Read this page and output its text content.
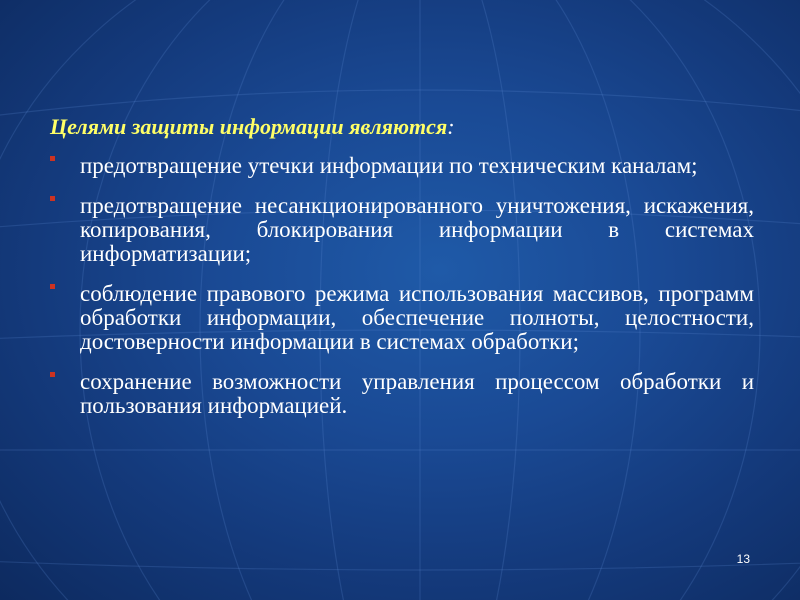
Целями защиты информации являются:
предотвращение утечки информации по техническим каналам;
предотвращение несанкционированного уничтожения, искажения, копирования, блокирования информации в системах информатизации;
соблюдение правового режима использования массивов, программ обработки информации, обеспечение полноты, целостности, достоверности информации в системах обработки;
сохранение возможности управления процессом обработки и пользования информацией.
13
